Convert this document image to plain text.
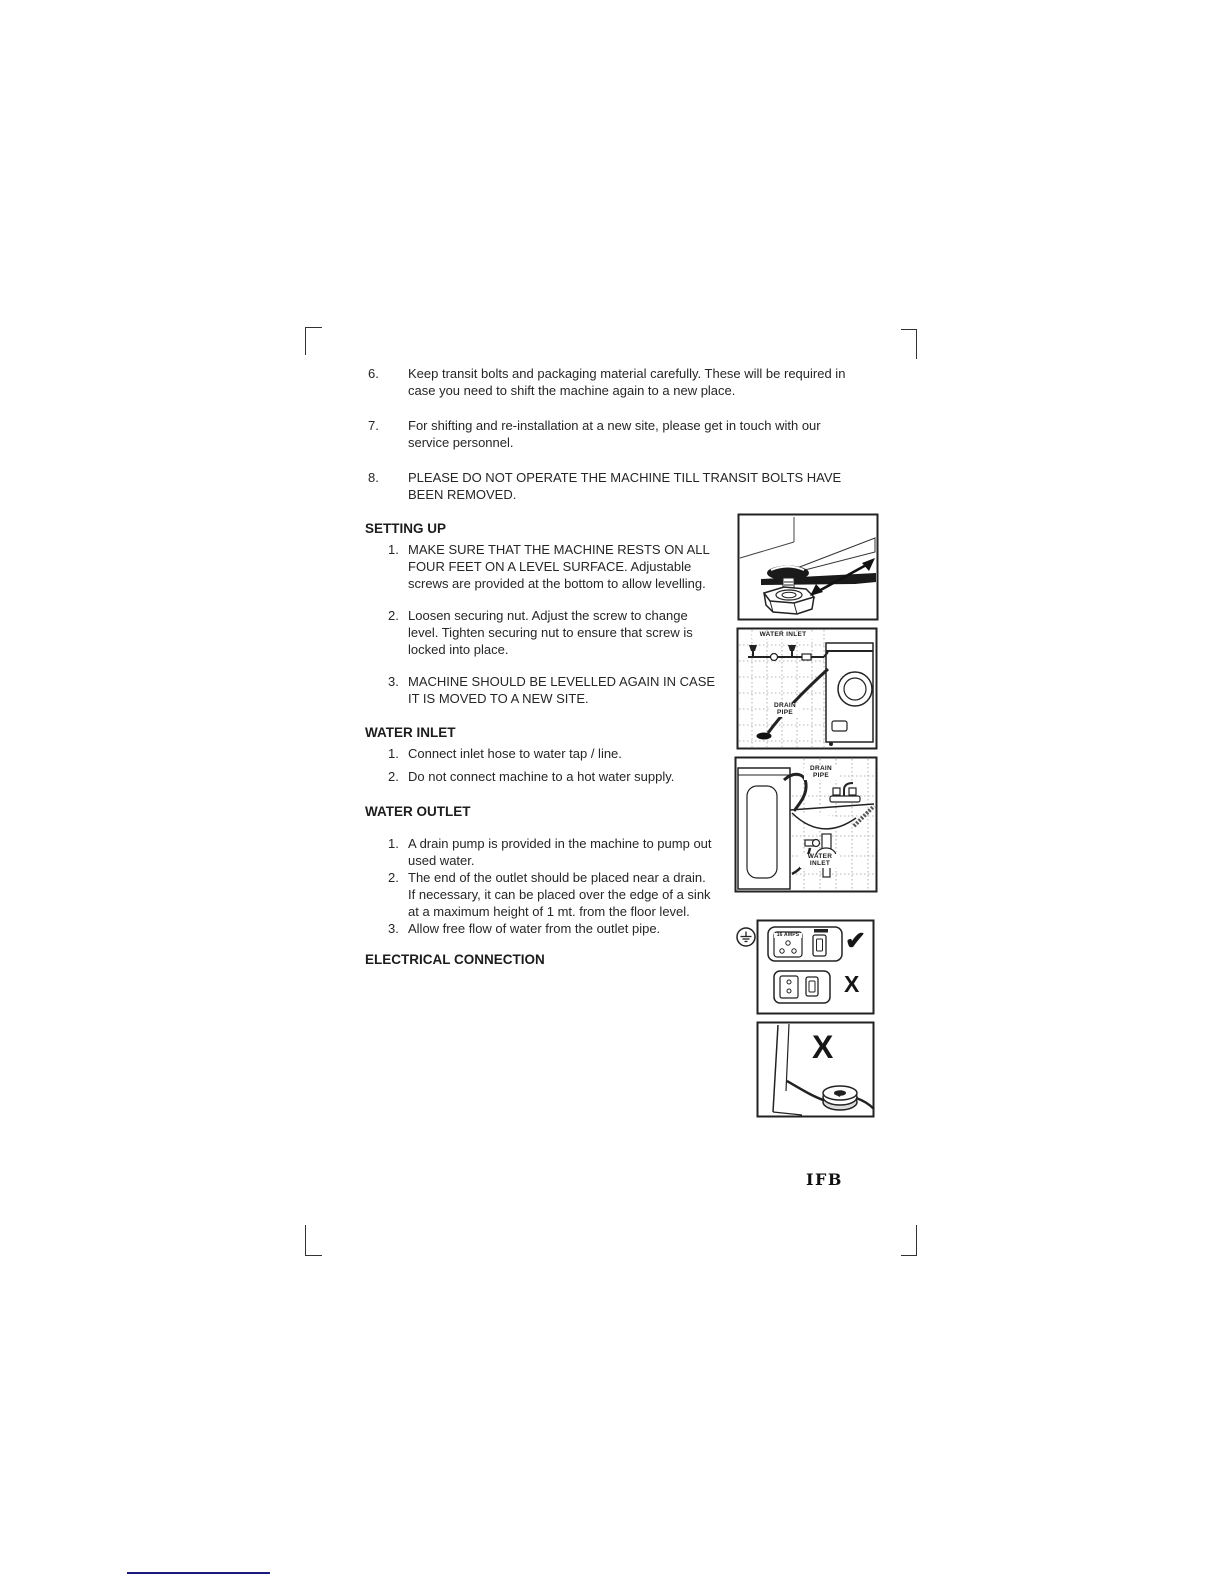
6.	Keep transit bolts and packaging material carefully. These will be required in case you need to shift the machine again to a new place.
7.	For shifting and re-installation at a new site, please get in touch with our service personnel.
8.	PLEASE DO NOT OPERATE THE MACHINE TILL TRANSIT BOLTS HAVE BEEN REMOVED.
SETTING UP
1. MAKE SURE THAT THE MACHINE RESTS ON ALL FOUR FEET ON A LEVEL SURFACE. Adjustable screws are provided at the bottom to allow levelling.
2. Loosen securing nut. Adjust the screw to change level. Tighten securing nut to ensure that screw is locked into place.
3. MACHINE SHOULD BE LEVELLED AGAIN IN CASE IT IS MOVED TO A NEW SITE.
WATER INLET
1. Connect inlet hose to water tap / line.
2. Do not connect machine to a hot water supply.
WATER OUTLET
1. A drain pump is provided in the machine to pump out used water.
2. The end of the outlet should be placed near a drain. If necessary, it can be placed over the edge of a sink at a maximum height of 1 mt. from the floor level.
3. Allow free flow of water from the outlet pipe.
ELECTRICAL CONNECTION
WATER INLET
DRAIN PIPE
DRAIN PIPE
WATER INLET
16 AMPS ✔
X
X
IFB
